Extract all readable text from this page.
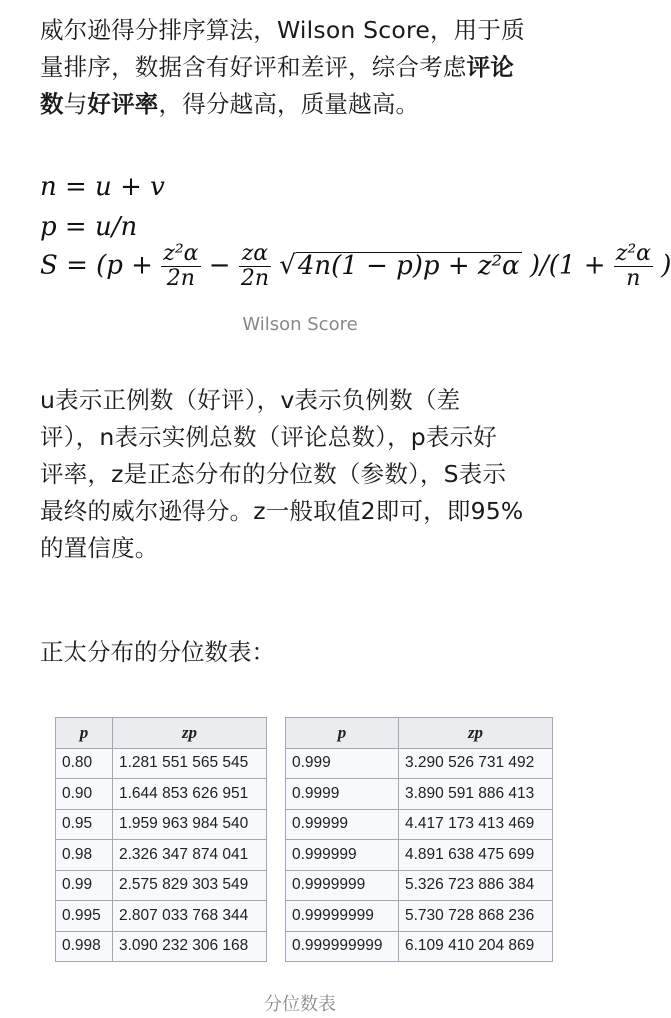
威尔逊得分排序算法，Wilson Score，用于质
量排序，数据含有好评和差评，综合考虑评论
数与好评率，得分越高，质量越高。
n = u + v
p = u/n
$S = (p + \frac{\text{z²α}}{2n} - \frac{z\alpha}{2n} √4n(1 - p)p + z^2\alpha$ )$/(1 + \frac{\text{z²α}}{n}$ )
Wilson Score
u表示正例数（好评），v表示负例数（差
评），n表示实例总数（评论总数），p表示好
评率，z是正态分布的分位数（参数），S表示
最终的威尔逊得分。z一般取值2即可，即95%
的置信度。
正太分布的分位数表：
p	zp
0.80	1.281 551 565 545
0.90	1.644 853 626 951
0.95	1.959 963 984 540
0.98	2.326 347 874 041
0.99	2.575 829 303 549
0.995	2.807 033 768 344
0.998	3.090 232 306 168
p	zp
0.999	3.290 526 731 492
0.9999	3.890 591 886 413
0.99999	4.417 173 413 469
0.999999	4.891 638 475 699
0.9999999	5.326 723 886 384
0.99999999	5.730 728 868 236
0.999999999	6.109 410 204 869
分位数表
